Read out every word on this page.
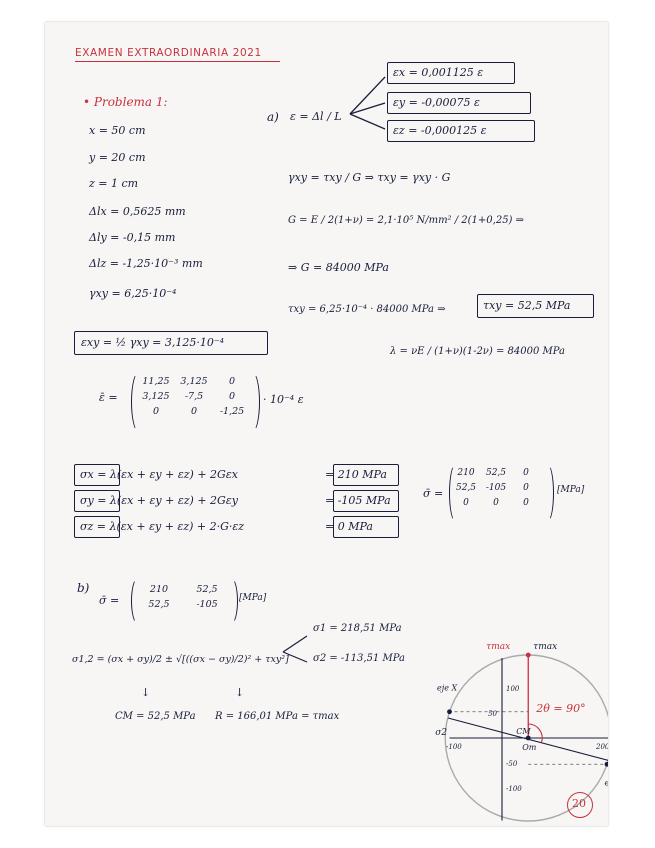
EXAMEN EXTRAORDINARIA 2021
• Problema 1:
x = 50 cm
y = 20 cm
z = 1 cm
Δlx = 0,5625 mm
Δly = -0,15 mm
Δlz = -1,25·10⁻³ mm
γxy = 6,25·10⁻⁴
a) ε = Δl / L
εx = 0,001125 ε
εy = -0,00075 ε
εz = -0,000125 ε
γxy = τxy / G ⇒ τxy = γxy · G
G = E / 2(1+ν) = 2,1·10⁵ N/mm² / 2(1+0,25) ⇒
⇒ G = 84000 MPa
τxy = 6,25·10⁻⁴ · 84000 MPa ⇒	τxy = 52,5 MPa
λ = νE / (1+ν)(1-2ν) = 84000 MPa
εxy = ½ γxy = 3,125·10⁻⁴
ε̄ =
11,25	3,125	0
3,125	-7,5	0
0	0	-1,25
· 10⁻⁴ ε
σx = λ(εx + εy + εz) + 2Gεx	= 210 MPa
σy = λ(εx + εy + εz) + 2Gεy	= -105 MPa
σz = λ(εx + εy + εz) + 2·G·εz	= 0 MPa
σ̄ =
210	52,5	0
52,5	-105	0
0	0	0
[MPa]
b)
σ̄ =
210	52,5
52,5	-105
[MPa]
σ1,2 = (σx + σy)/2 ± √[((σx − σy)/2)² + τxy²]
σ1 = 218,51 MPa
σ2 = -113,51 MPa
↓	↓
CM = 52,5 MPa R = 166,01 MPa = τmax
σ1
σ2
τmax	τmax
2θ = 90°
CM
Om
eje X
eje Y
100
50
-50
-100
-100	200
20
